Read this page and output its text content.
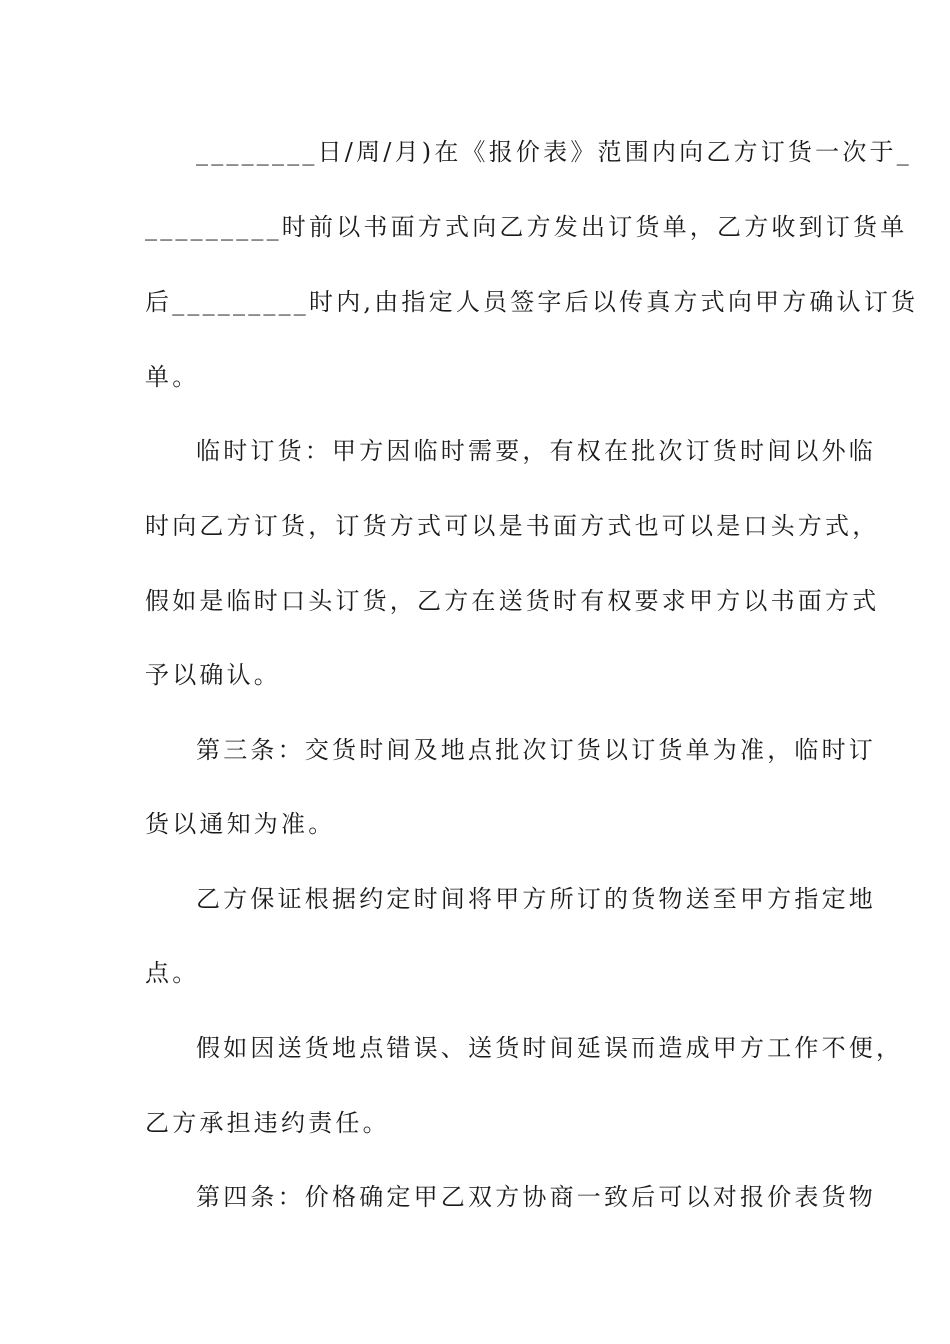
________日/周/月)在《报价表》范围内向乙方订货一次于_
_________时前以书面方式向乙方发出订货单，乙方收到订货单
后_________时内,由指定人员签字后以传真方式向甲方确认订货
单。
临时订货：甲方因临时需要，有权在批次订货时间以外临
时向乙方订货，订货方式可以是书面方式也可以是口头方式，
假如是临时口头订货，乙方在送货时有权要求甲方以书面方式
予以确认。
第三条：交货时间及地点批次订货以订货单为准，临时订
货以通知为准。
乙方保证根据约定时间将甲方所订的货物送至甲方指定地
点。
假如因送货地点错误、送货时间延误而造成甲方工作不便，
乙方承担违约责任。
第四条：价格确定甲乙双方协商一致后可以对报价表货物
